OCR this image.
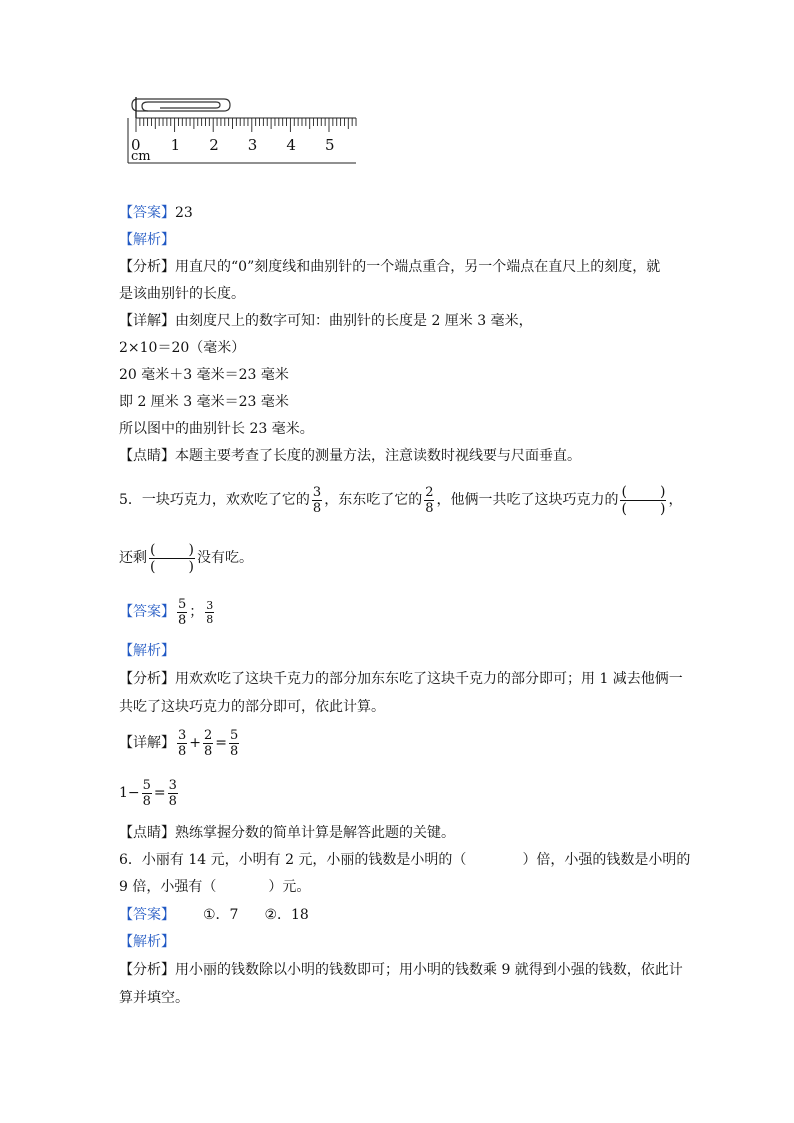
0 1 2 3 4 5
cm
【答案】23
【解析】
【分析】用直尺的“0”刻度线和曲别针的一个端点重合，另一个端点在直尺上的刻度，就
是该曲别针的长度。
【详解】由刻度尺上的数字可知：曲别针的长度是 2 厘米 3 毫米，
2×10＝20（毫米）
20 毫米＋3 毫米＝23 毫米
即 2 厘米 3 毫米＝23 毫米
所以图中的曲别针长 23 毫米。
【点睛】本题主要考查了长度的测量方法，注意读数时视线要与尺面垂直。
5．一块巧克力，欢欢吃了它的 $\frac{3}{8}$ ，东东吃了它的 $\frac{2}{8}$ ，他俩一共吃了这块巧克力的 $\frac{( )}{( )}$ ，
还剩 $\frac{( )}{( )}$ 没有吃。
【答案】 $\frac{5}{8}$ ； $\frac{3}{8}$
【解析】
【分析】用欢欢吃了这块千克力的部分加东东吃了这块千克力的部分即可；用 1 减去他俩一
共吃了这块巧克力的部分即可，依此计算。
【详解】 $\frac{3}{8} + \frac{2}{8} = \frac{5}{8}$
$1- \frac{5}{8} = \frac{3}{8}$
【点睛】熟练掌握分数的简单计算是解答此题的关键。
6．小丽有 14 元，小明有 2 元，小丽的钱数是小明的（	）倍，小强的钱数是小明的
9 倍，小强有（	）元。
【答案】 ①．7 ②．18
【解析】
【分析】用小丽的钱数除以小明的钱数即可；用小明的钱数乘 9 就得到小强的钱数，依此计
算并填空。
